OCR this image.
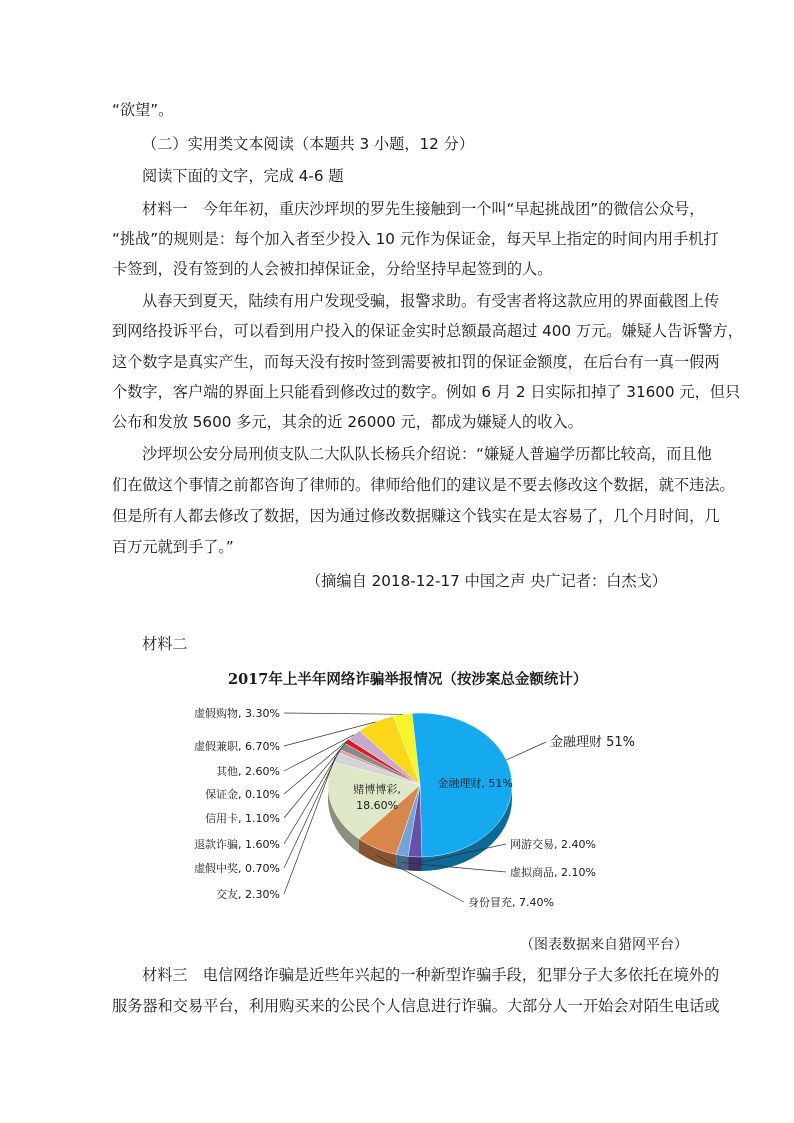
“欲望”。
（二）实用类文本阅读（本题共 3 小题，12 分）
阅读下面的文字，完成 4-6 题
材料一　今年年初，重庆沙坪坝的罗先生接触到一个叫“早起挑战团”的微信公众号，
“挑战”的规则是：每个加入者至少投入 10 元作为保证金，每天早上指定的时间内用手机打
卡签到，没有签到的人会被扣掉保证金，分给坚持早起签到的人。
从春天到夏天，陆续有用户发现受骗，报警求助。有受害者将这款应用的界面截图上传
到网络投诉平台，可以看到用户投入的保证金实时总额最高超过 400 万元。嫌疑人告诉警方，
这个数字是真实产生，而每天没有按时签到需要被扣罚的保证金额度，在后台有一真一假两
个数字，客户端的界面上只能看到修改过的数字。例如 6 月 2 日实际扣掉了 31600 元，但只
公布和发放 5600 多元，其余的近 26000 元，都成为嫌疑人的收入。
沙坪坝公安分局刑侦支队二大队队长杨兵介绍说：“嫌疑人普遍学历都比较高，而且他
们在做这个事情之前都咨询了律师的。律师给他们的建议是不要去修改这个数据，就不违法。
但是所有人都去修改了数据，因为通过修改数据赚这个钱实在是太容易了，几个月时间，几
百万元就到手了。”
（摘编自 2018-12-17 中国之声 央广记者：白杰戈）
材料二
2017年上半年网络诈骗举报情况（按涉案总金额统计）
金融理财 51%
金融理财, 51%
网游交易, 2.40%
虚拟商品, 2.10%
身份冒充, 7.40%
赌博博彩,
18.60%
交友, 2.30%
虚假中奖, 0.70%
退款诈骗, 1.60%
信用卡, 1.10%
保证金, 0.10%
其他, 2.60%
虚假兼职, 6.70%
虚假购物, 3.30%
（图表数据来自猎网平台）
材料三　电信网络诈骗是近些年兴起的一种新型诈骗手段，犯罪分子大多依托在境外的
服务器和交易平台，利用购买来的公民个人信息进行诈骗。大部分人一开始会对陌生电话或
